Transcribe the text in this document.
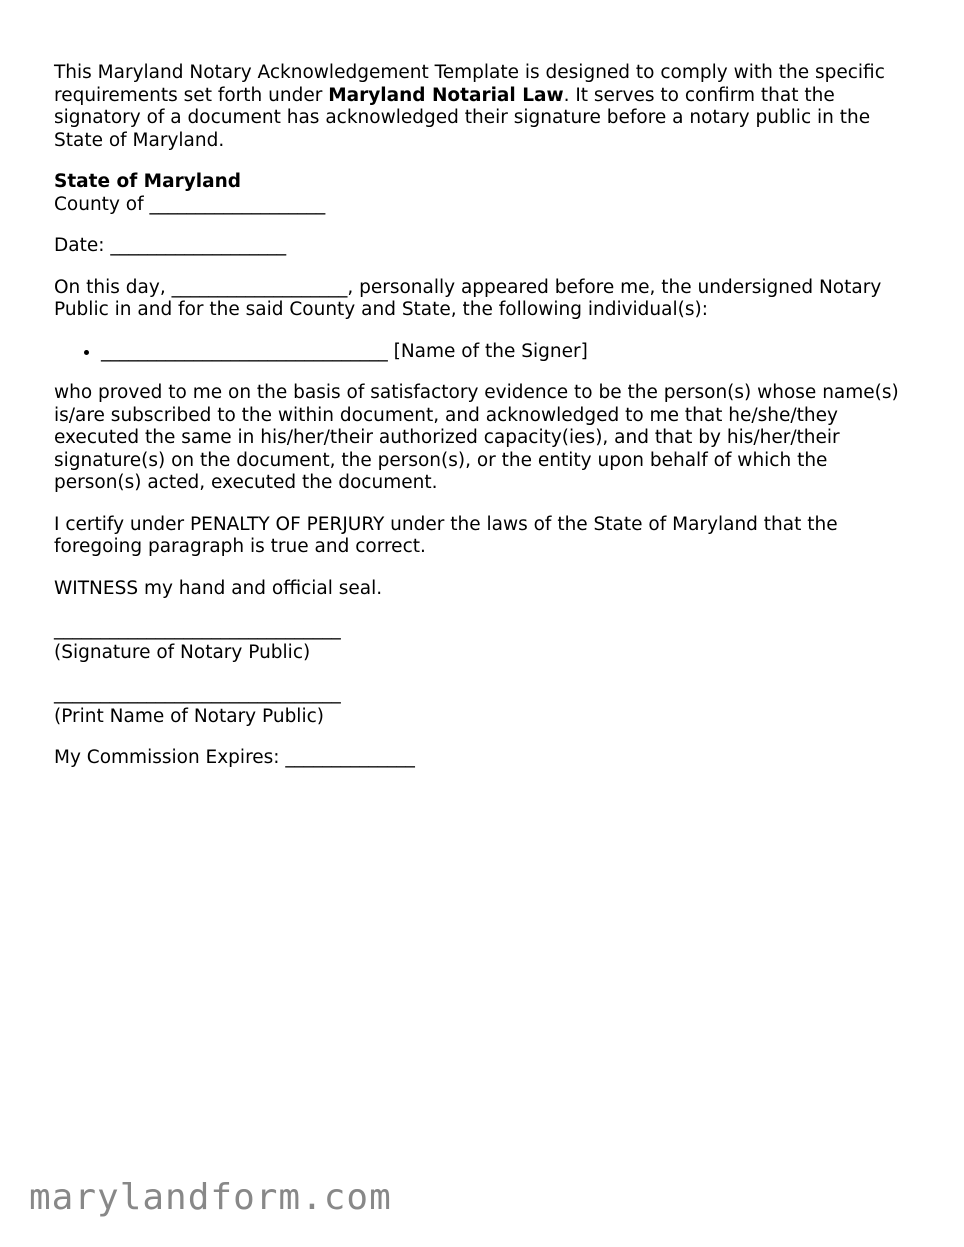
This Maryland Notary Acknowledgement Template is designed to comply with the specific requirements set forth under Maryland Notarial Law. It serves to confirm that the signatory of a document has acknowledged their signature before a notary public in the State of Maryland.

State of Maryland

County of ___________________

Date: ___________________

On this day, ___________________, personally appeared before me, the undersigned Notary Public in and for the said County and State, the following individual(s):

• _______________________________ [Name of the Signer]

who proved to me on the basis of satisfactory evidence to be the person(s) whose name(s) is/are subscribed to the within document, and acknowledged to me that he/she/they executed the same in his/her/their authorized capacity(ies), and that by his/her/their signature(s) on the document, the person(s), or the entity upon behalf of which the person(s) acted, executed the document.

I certify under PENALTY OF PERJURY under the laws of the State of Maryland that the foregoing paragraph is true and correct.

WITNESS my hand and official seal.

_______________________________

(Signature of Notary Public)

_______________________________

(Print Name of Notary Public)

My Commission Expires: ______________

marylandform.com
